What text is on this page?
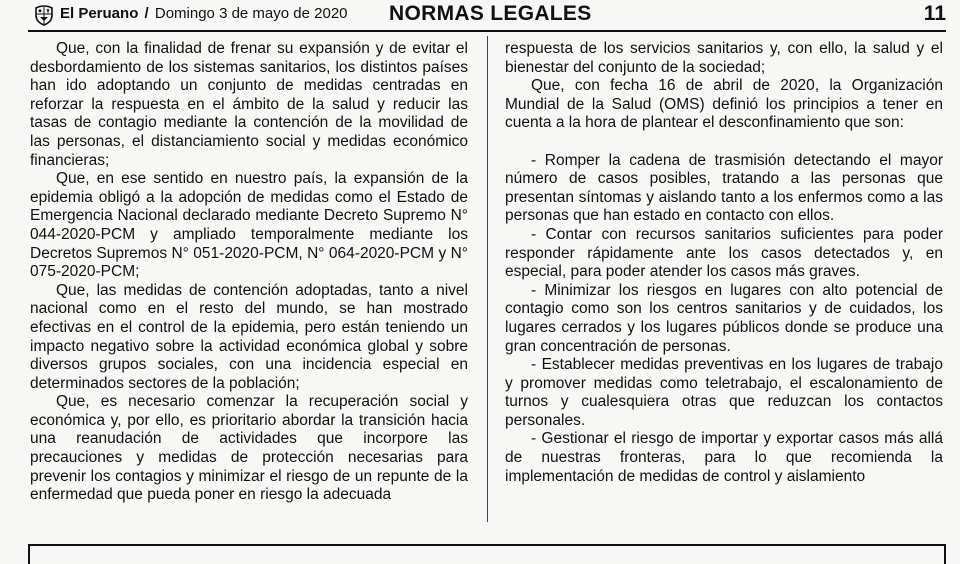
El Peruano / Domingo 3 de mayo de 2020 NORMAS LEGALES	11

Que, con la finalidad de frenar su expansión y de evitar el desbordamiento de los sistemas sanitarios, los distintos países han ido adoptando un conjunto de medidas centradas en reforzar la respuesta en el ámbito de la salud y reducir las tasas de contagio mediante la contención de la movilidad de las personas, el distanciamiento social y medidas económico financieras;

Que, en ese sentido en nuestro país, la expansión de la epidemia obligó a la adopción de medidas como el Estado de Emergencia Nacional declarado mediante Decreto Supremo N° 044-2020-PCM y ampliado temporalmente mediante los Decretos Supremos N° 051-2020-PCM, N° 064-2020-PCM y N° 075-2020-PCM;

Que, las medidas de contención adoptadas, tanto a nivel nacional como en el resto del mundo, se han mostrado efectivas en el control de la epidemia, pero están teniendo un impacto negativo sobre la actividad económica global y sobre diversos grupos sociales, con una incidencia especial en determinados sectores de la población;

Que, es necesario comenzar la recuperación social y económica y, por ello, es prioritario abordar la transición hacia una reanudación de actividades que incorpore las precauciones y medidas de protección necesarias para prevenir los contagios y minimizar el riesgo de un repunte de la enfermedad que pueda poner en riesgo la adecuada

respuesta de los servicios sanitarios y, con ello, la salud y el bienestar del conjunto de la sociedad;

Que, con fecha 16 de abril de 2020, la Organización Mundial de la Salud (OMS) definió los principios a tener en cuenta a la hora de plantear el desconfinamiento que son:

- Romper la cadena de trasmisión detectando el mayor número de casos posibles, tratando a las personas que presentan síntomas y aislando tanto a los enfermos como a las personas que han estado en contacto con ellos.

- Contar con recursos sanitarios suficientes para poder responder rápidamente ante los casos detectados y, en especial, para poder atender los casos más graves.

- Minimizar los riesgos en lugares con alto potencial de contagio como son los centros sanitarios y de cuidados, los lugares cerrados y los lugares públicos donde se produce una gran concentración de personas.

- Establecer medidas preventivas en los lugares de trabajo y promover medidas como teletrabajo, el escalonamiento de turnos y cualesquiera otras que reduzcan los contactos personales.

- Gestionar el riesgo de importar y exportar casos más allá de nuestras fronteras, para lo que recomienda la implementación de medidas de control y aislamiento
